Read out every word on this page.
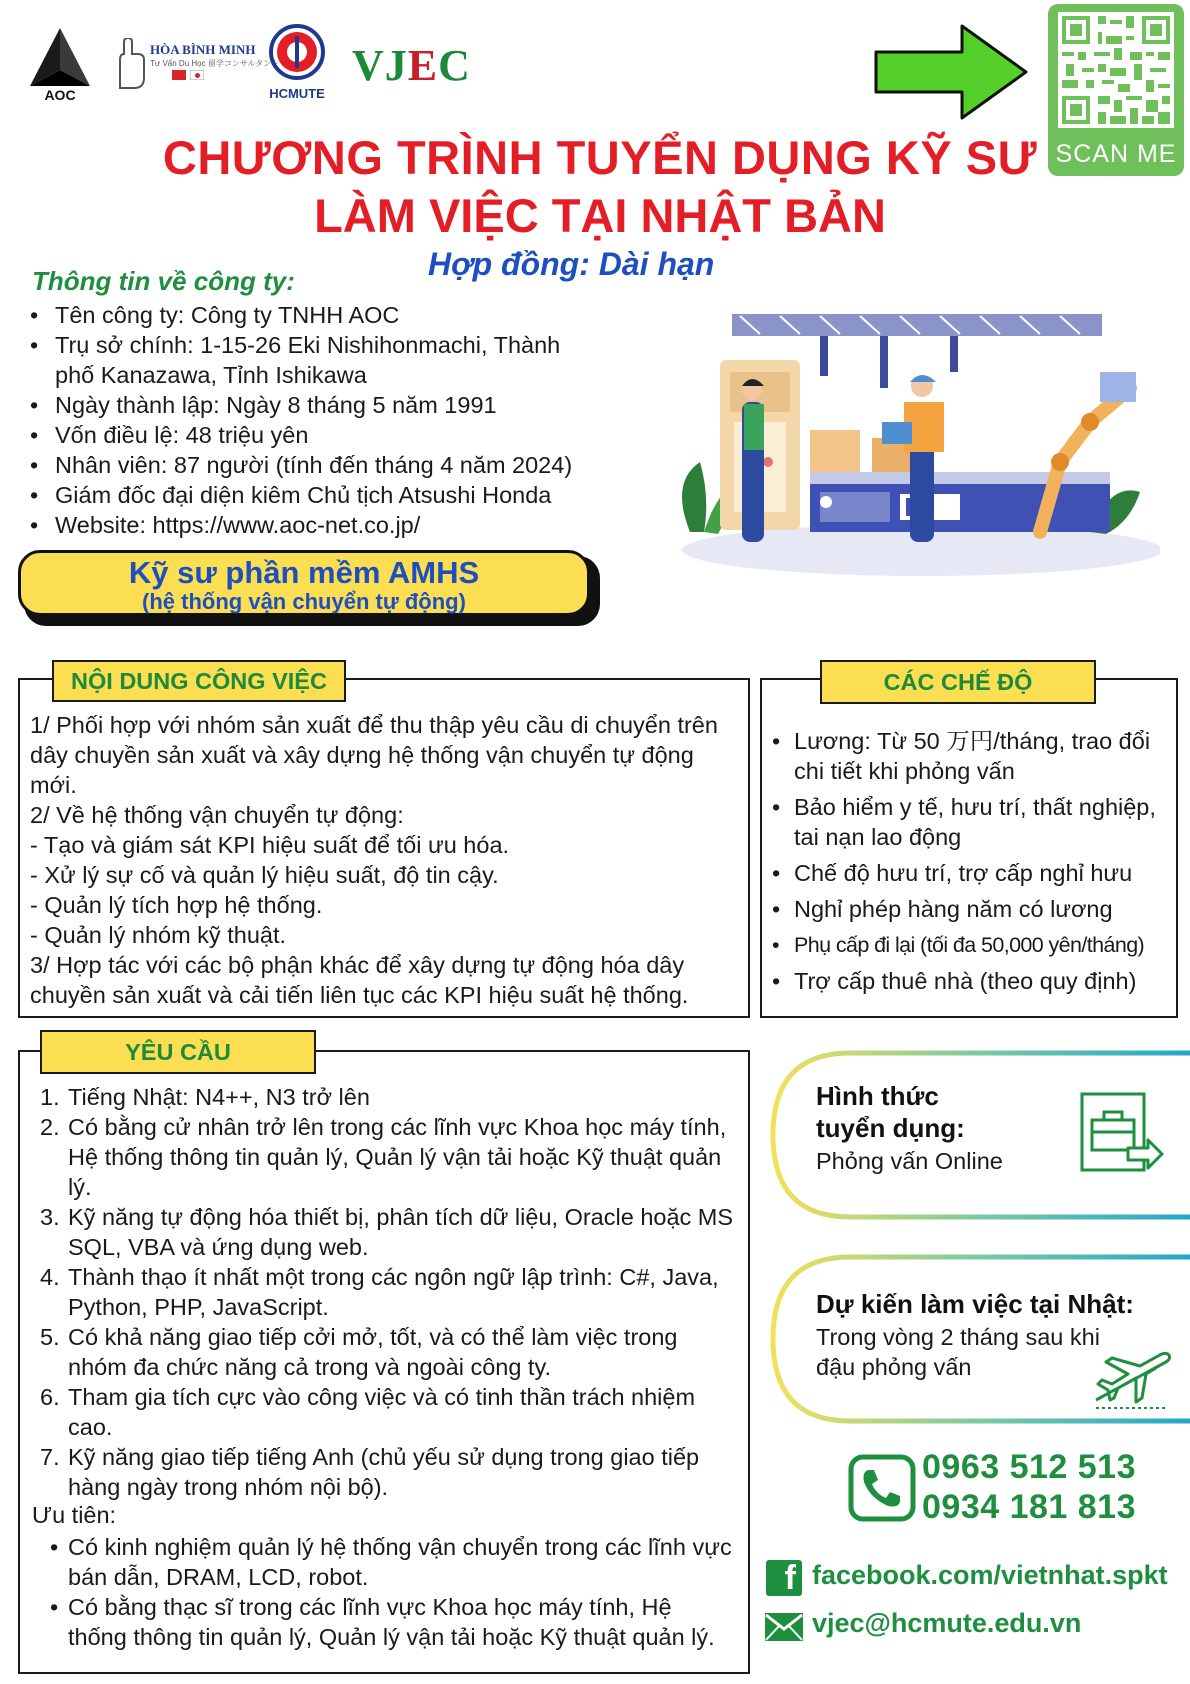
AOC
HÒA BÌNH MINH
Tư Vấn Du Học 留学コンサルタント
HCMUTE
VJEC
SCAN ME
CHƯƠNG TRÌNH TUYỂN DỤNG KỸ SƯ
LÀM VIỆC TẠI NHẬT BẢN
Hợp đồng: Dài hạn
Thông tin về công ty:
• Tên công ty: Công ty TNHH AOC
• Trụ sở chính: 1-15-26 Eki Nishihonmachi, Thành phố Kanazawa, Tỉnh Ishikawa
• Ngày thành lập: Ngày 8 tháng 5 năm 1991
• Vốn điều lệ: 48 triệu yên
• Nhân viên: 87 người (tính đến tháng 4 năm 2024)
• Giám đốc đại diện kiêm Chủ tịch Atsushi Honda
• Website: https://www.aoc-net.co.jp/
Kỹ sư phần mềm AMHS
(hệ thống vận chuyển tự động)
NỘI DUNG CÔNG VIỆC
1/ Phối hợp với nhóm sản xuất để thu thập yêu cầu di chuyển trên dây chuyền sản xuất và xây dựng hệ thống vận chuyển tự động mới.
2/ Về hệ thống vận chuyển tự động:
- Tạo và giám sát KPI hiệu suất để tối ưu hóa.
- Xử lý sự cố và quản lý hiệu suất, độ tin cậy.
- Quản lý tích hợp hệ thống.
- Quản lý nhóm kỹ thuật.
3/ Hợp tác với các bộ phận khác để xây dựng tự động hóa dây chuyền sản xuất và cải tiến liên tục các KPI hiệu suất hệ thống.
CÁC CHẾ ĐỘ
• Lương: Từ 50 万円/tháng, trao đổi chi tiết khi phỏng vấn
• Bảo hiểm y tế, hưu trí, thất nghiệp, tai nạn lao động
• Chế độ hưu trí, trợ cấp nghỉ hưu
• Nghỉ phép hàng năm có lương
• Phụ cấp đi lại (tối đa 50,000 yên/tháng)
• Trợ cấp thuê nhà (theo quy định)
YÊU CẦU
1. Tiếng Nhật: N4++, N3 trở lên
2. Có bằng cử nhân trở lên trong các lĩnh vực Khoa học máy tính, Hệ thống thông tin quản lý, Quản lý vận tải hoặc Kỹ thuật quản lý.
3. Kỹ năng tự động hóa thiết bị, phân tích dữ liệu, Oracle hoặc MS SQL, VBA và ứng dụng web.
4. Thành thạo ít nhất một trong các ngôn ngữ lập trình: C#, Java, Python, PHP, JavaScript.
5. Có khả năng giao tiếp cởi mở, tốt, và có thể làm việc trong nhóm đa chức năng cả trong và ngoài công ty.
6. Tham gia tích cực vào công việc và có tinh thần trách nhiệm cao.
7. Kỹ năng giao tiếp tiếng Anh (chủ yếu sử dụng trong giao tiếp hàng ngày trong nhóm nội bộ).
Ưu tiên:
• Có kinh nghiệm quản lý hệ thống vận chuyển trong các lĩnh vực bán dẫn, DRAM, LCD, robot.
• Có bằng thạc sĩ trong các lĩnh vực Khoa học máy tính, Hệ thống thông tin quản lý, Quản lý vận tải hoặc Kỹ thuật quản lý.
Hình thức
tuyển dụng:
Phỏng vấn Online
Dự kiến làm việc tại Nhật:
Trong vòng 2 tháng sau khi
đậu phỏng vấn
0963 512 513
0934 181 813
f facebook.com/vietnhat.spkt
vjec@hcmute.edu.vn
